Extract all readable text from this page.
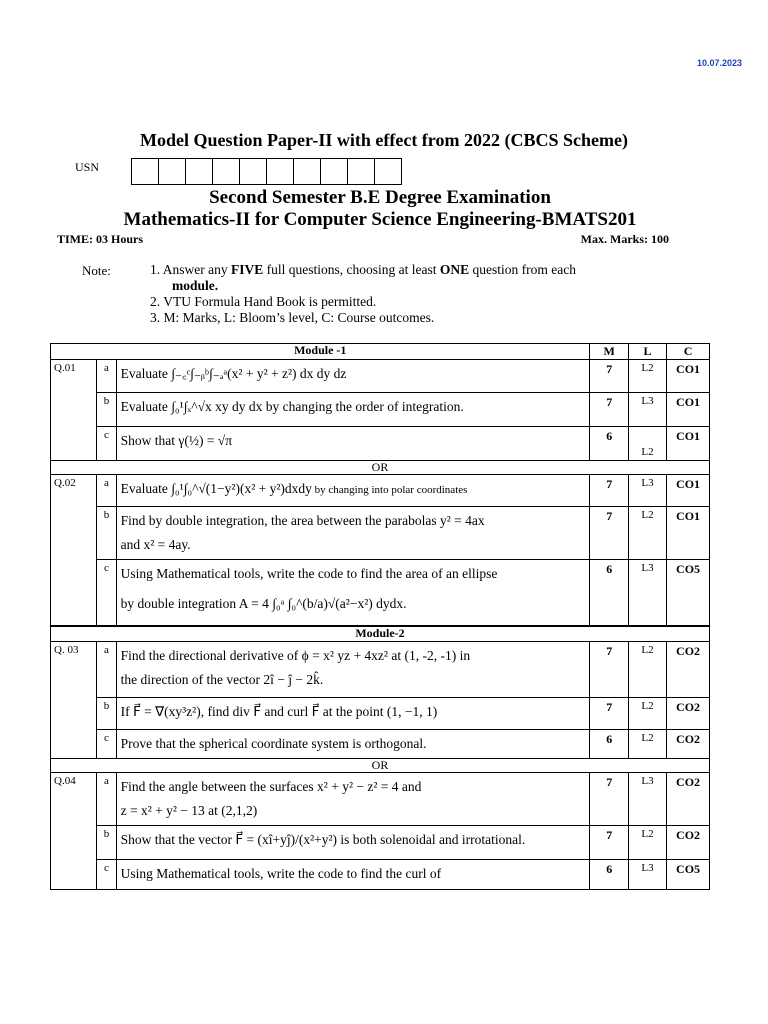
10.07.2023
Model Question Paper-II with effect from 2022 (CBCS Scheme)
USN
Second Semester B.E Degree Examination
Mathematics-II for Computer Science Engineering-BMATS201
TIME: 03 Hours	Max. Marks: 100
Note:	1. Answer any FIVE full questions, choosing at least ONE question from each
module.
2. VTU Formula Hand Book is permitted.
3. M: Marks, L: Bloom’s level, C: Course outcomes.
Module -1			M	L	C
Q.01	a	Evaluate ∫₋꜀ᶜ∫₋ᵦᵇ∫₋ₐᵃ(x² + y² + z²) dx dy dz	7	L2	CO1
	b	Evaluate ∫₀¹∫ₓ^√x xy dy dx by changing the order of integration.	7	L3	CO1
	c	Show that γ(½) = √π	6	L2	CO1
OR					
Q.02	a	Evaluate ∫₀¹∫₀^√(1−y²)(x² + y²)dxdy by changing into polar coordinates	7	L3	CO1
	b	Find by double integration, the area between the parabolas y² = 4ax
and x² = 4ay.	7	L2	CO1
	c	Using Mathematical tools, write the code to find the area of an ellipse
by double integration A = 4 ∫₀ᵃ ∫₀^(b/a)√(a²−x²) dydx.	6	L3	CO5
Module-2					
Q. 03	a	Find the directional derivative of ϕ = x² yz + 4xz² at (1, -2, -1) in
the direction of the vector 2î − ĵ − 2k̂.	7	L2	CO2
	b	If F⃗ = ∇(xy³z²), find div F⃗ and curl F⃗ at the point (1, −1, 1)	7	L2	CO2
	c	Prove that the spherical coordinate system is orthogonal.	6	L2	CO2
OR					
Q.04	a	Find the angle between the surfaces x² + y² − z² = 4 and
z = x² + y² − 13 at (2,1,2)	7	L3	CO2
	b	Show that the vector F⃗ = (xî+yĵ)/(x²+y²) is both solenoidal and irrotational.	7	L2	CO2
	c	Using Mathematical tools, write the code to find the curl of	6	L3	CO5
